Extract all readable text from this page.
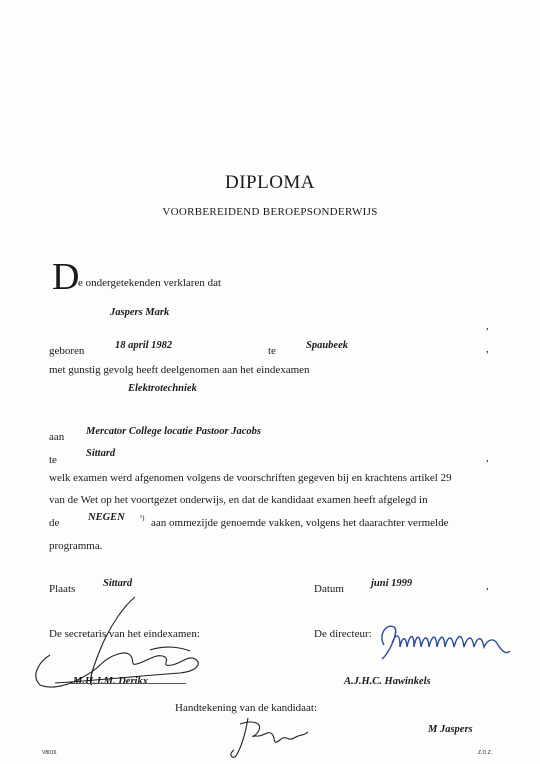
DIPLOMA
VOORBEREIDEND BEROEPSONDERWIJS
D
e ondergetekenden verklaren dat
Jaspers Mark
,
geboren	18 april 1982	te	Spaubeek	,
met gunstig gevolg heeft deelgenomen aan het eindexamen
Elektrotechniek
aan Mercator College locatie Pastoor Jacobs
te
Sittard	,
welk examen werd afgenomen volgens de voorschriften gegeven bij en krachtens artikel 29
van de Wet op het voortgezet onderwijs, en dat de kandidaat examen heeft afgelegd in
de	NEGEN ¹) aan ommezijde genoemde vakken, volgens het daarachter vermelde
programma.
Plaats	Sittard	Datum	juni 1999	,
De secretaris van het eindexamen:	De directeur:
M.H.J.M. Derikx	A.J.H.C. Hawinkels
Handtekening van de kandidaat:
M Jaspers
V8016	Z.O.Z.
